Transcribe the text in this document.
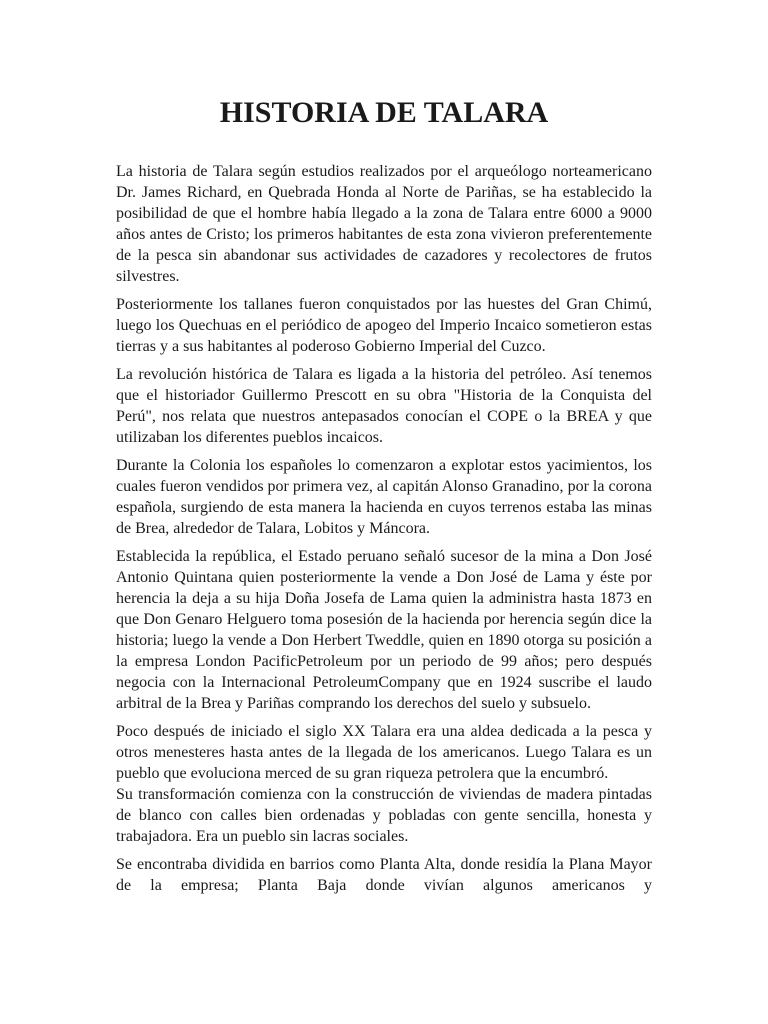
HISTORIA DE TALARA

La historia de Talara según estudios realizados por el arqueólogo norteamericano Dr. James Richard, en Quebrada Honda al Norte de Pariñas, se ha establecido la posibilidad de que el hombre había llegado a la zona de Talara entre 6000 a 9000 años antes de Cristo; los primeros habitantes de esta zona vivieron preferentemente de la pesca sin abandonar sus actividades de cazadores y recolectores de frutos silvestres.

Posteriormente los tallanes fueron conquistados por las huestes del Gran Chimú, luego los Quechuas en el periódico de apogeo del Imperio Incaico sometieron estas tierras y a sus habitantes al poderoso Gobierno Imperial del Cuzco.

La revolución histórica de Talara es ligada a la historia del petróleo. Así tenemos que el historiador Guillermo Prescott en su obra "Historia de la Conquista del Perú", nos relata que nuestros antepasados conocían el COPE o la BREA y que utilizaban los diferentes pueblos incaicos.

Durante la Colonia los españoles lo comenzaron a explotar estos yacimientos, los cuales fueron vendidos por primera vez, al capitán Alonso Granadino, por la corona española, surgiendo de esta manera la hacienda en cuyos terrenos estaba las minas de Brea, alrededor de Talara, Lobitos y Máncora.

Establecida la república, el Estado peruano señaló sucesor de la mina a Don José Antonio Quintana quien posteriormente la vende a Don José de Lama y éste por herencia la deja a su hija Doña Josefa de Lama quien la administra hasta 1873 en que Don Genaro Helguero toma posesión de la hacienda por herencia según dice la historia; luego la vende a Don Herbert Tweddle, quien en 1890 otorga su posición a la empresa London PacificPetroleum por un periodo de 99 años; pero después negocia con la Internacional PetroleumCompany que en 1924 suscribe el laudo arbitral de la Brea y Pariñas comprando los derechos del suelo y subsuelo.

Poco después de iniciado el siglo XX Talara era una aldea dedicada a la pesca y otros menesteres hasta antes de la llegada de los americanos. Luego Talara es un pueblo que evoluciona merced de su gran riqueza petrolera que la encumbró.
Su transformación comienza con la construcción de viviendas de madera pintadas de blanco con calles bien ordenadas y pobladas con gente sencilla, honesta y trabajadora. Era un pueblo sin lacras sociales.

Se encontraba dividida en barrios como Planta Alta, donde residía la Plana Mayor de la empresa; Planta Baja donde vivían algunos americanos y
